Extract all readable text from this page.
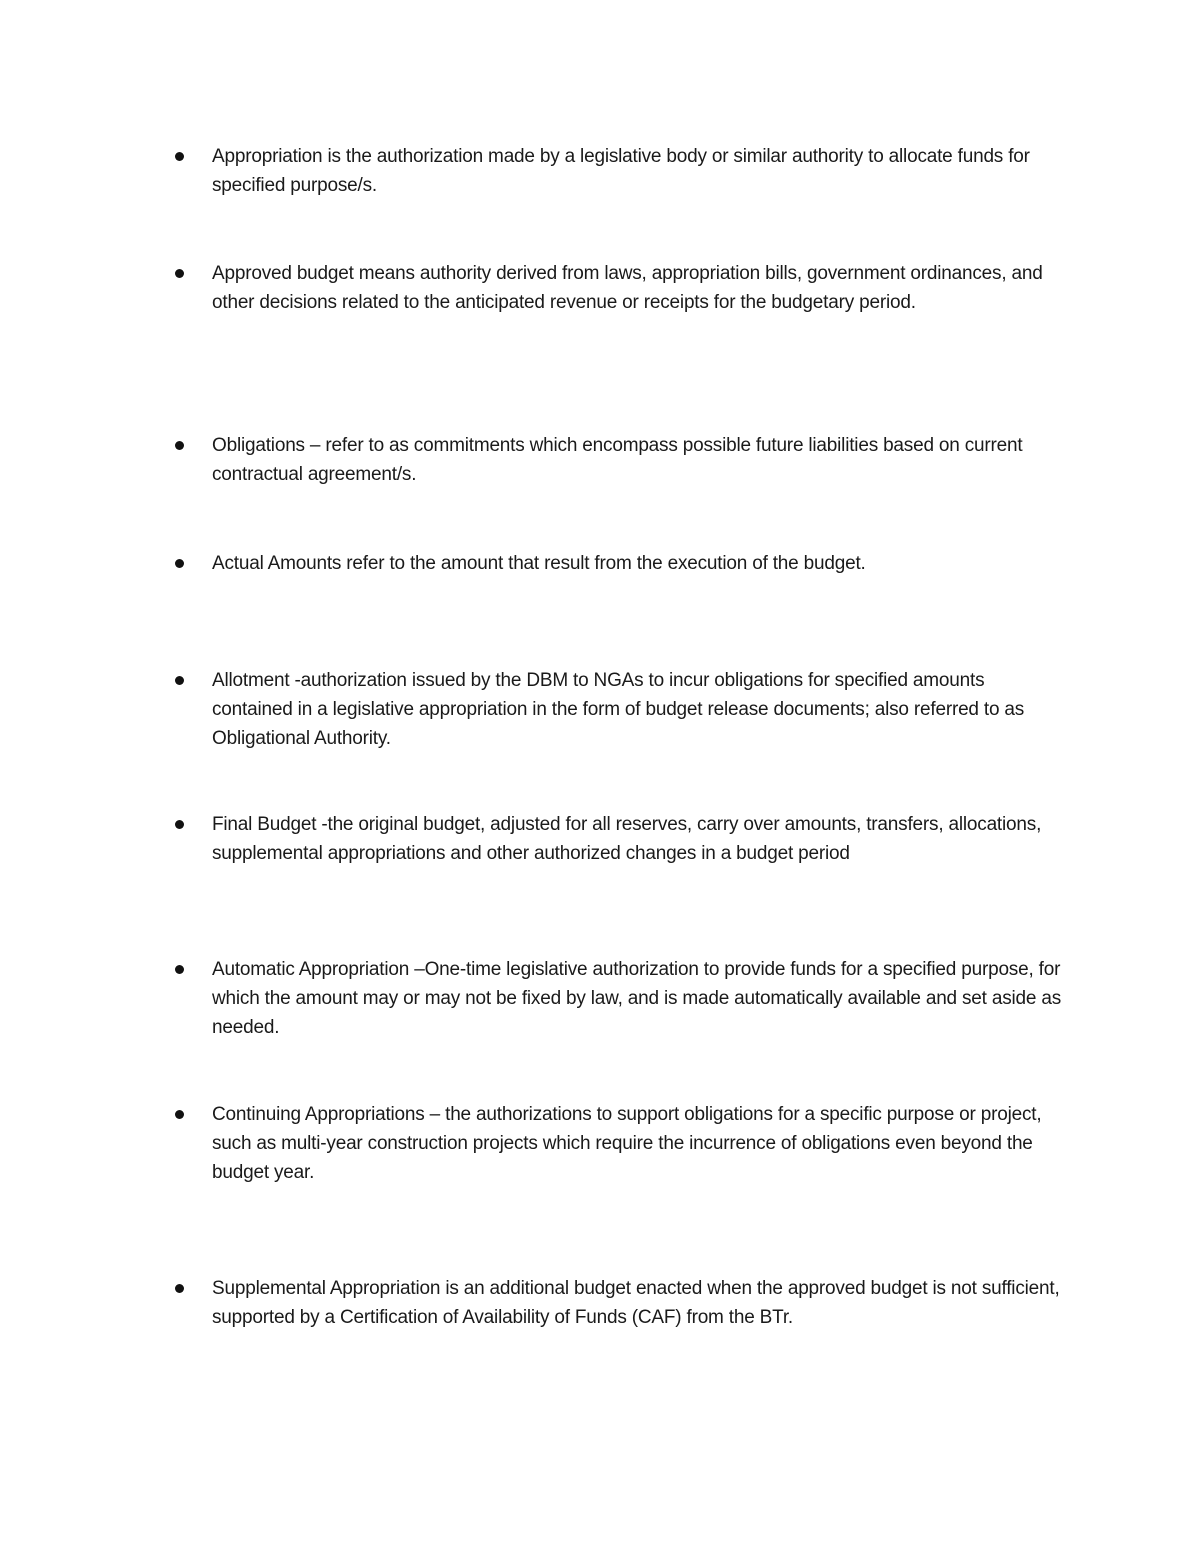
Appropriation is the authorization made by a legislative body or similar authority to allocate funds for specified purpose/s.
Approved budget means authority derived from laws, appropriation bills, government ordinances, and other decisions related to the anticipated revenue or receipts for the budgetary period.
Obligations – refer to as commitments which encompass possible future liabilities based on current contractual agreement/s.
Actual Amounts refer to the amount that result from the execution of the budget.
Allotment -authorization issued by the DBM to NGAs to incur obligations for specified amounts contained in a legislative appropriation in the form of budget release documents; also referred to as Obligational Authority.
Final Budget -the original budget, adjusted for all reserves, carry over amounts, transfers, allocations, supplemental appropriations and other authorized changes in a budget period
Automatic Appropriation –One-time legislative authorization to provide funds for a specified purpose, for which the amount may or may not be fixed by law, and is made automatically available and set aside as needed.
Continuing Appropriations – the authorizations to support obligations for a specific purpose or project, such as multi-year construction projects which require the incurrence of obligations even beyond the budget year.
Supplemental Appropriation is an additional budget enacted when the approved budget is not sufficient, supported by a Certification of Availability of Funds (CAF) from the BTr.
